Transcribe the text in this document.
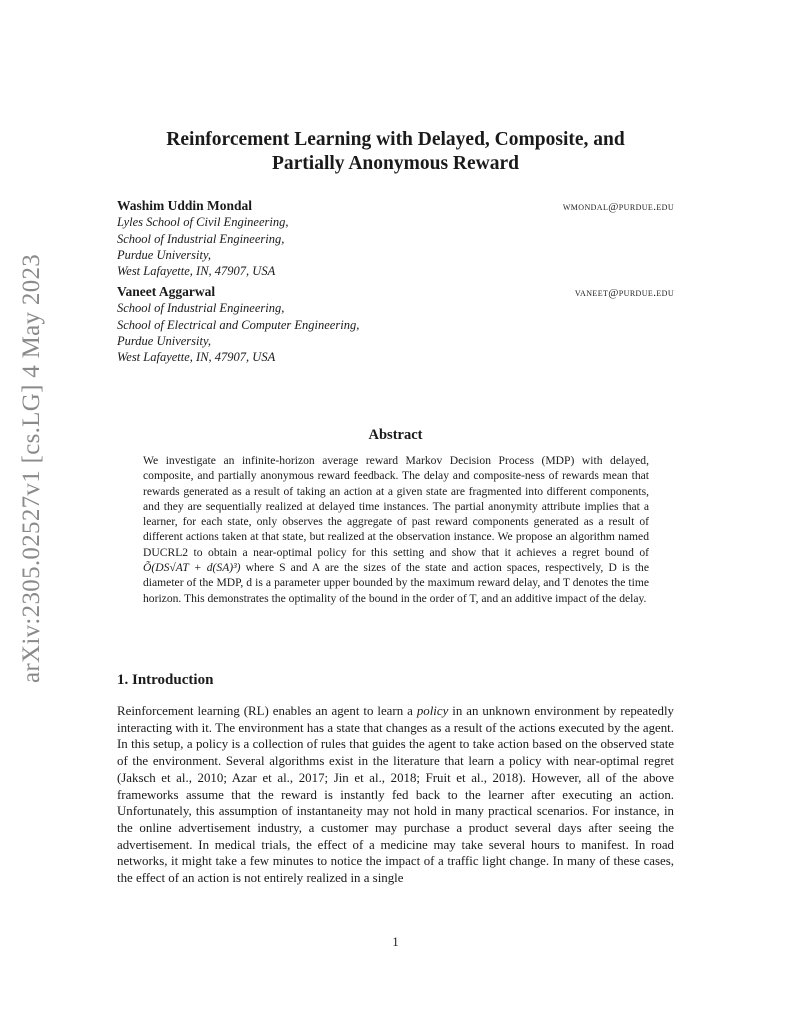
arXiv:2305.02527v1 [cs.LG] 4 May 2023
Reinforcement Learning with Delayed, Composite, and
Partially Anonymous Reward
Washim Uddin Mondal	wmondal@purdue.edu
Lyles School of Civil Engineering,
School of Industrial Engineering,
Purdue University,
West Lafayette, IN, 47907, USA
Vaneet Aggarwal	vaneet@purdue.edu
School of Industrial Engineering,
School of Electrical and Computer Engineering,
Purdue University,
West Lafayette, IN, 47907, USA
Abstract
We investigate an infinite-horizon average reward Markov Decision Process (MDP) with delayed, composite, and partially anonymous reward feedback. The delay and composite-ness of rewards mean that rewards generated as a result of taking an action at a given state are fragmented into different components, and they are sequentially realized at delayed time instances. The partial anonymity attribute implies that a learner, for each state, only observes the aggregate of past reward components generated as a result of different actions taken at that state, but realized at the observation instance. We propose an algorithm named DUCRL2 to obtain a near-optimal policy for this setting and show that it achieves a regret bound of Õ(DS√AT + d(SA)³) where S and A are the sizes of the state and action spaces, respectively, D is the diameter of the MDP, d is a parameter upper bounded by the maximum reward delay, and T denotes the time horizon. This demonstrates the optimality of the bound in the order of T, and an additive impact of the delay.
1. Introduction
Reinforcement learning (RL) enables an agent to learn a policy in an unknown environment by repeatedly interacting with it. The environment has a state that changes as a result of the actions executed by the agent. In this setup, a policy is a collection of rules that guides the agent to take action based on the observed state of the environment. Several algorithms exist in the literature that learn a policy with near-optimal regret (Jaksch et al., 2010; Azar et al., 2017; Jin et al., 2018; Fruit et al., 2018). However, all of the above frameworks assume that the reward is instantly fed back to the learner after executing an action. Unfortunately, this assumption of instantaneity may not hold in many practical scenarios. For instance, in the online advertisement industry, a customer may purchase a product several days after seeing the advertisement. In medical trials, the effect of a medicine may take several hours to manifest. In road networks, it might take a few minutes to notice the impact of a traffic light change. In many of these cases, the effect of an action is not entirely realized in a single
1
